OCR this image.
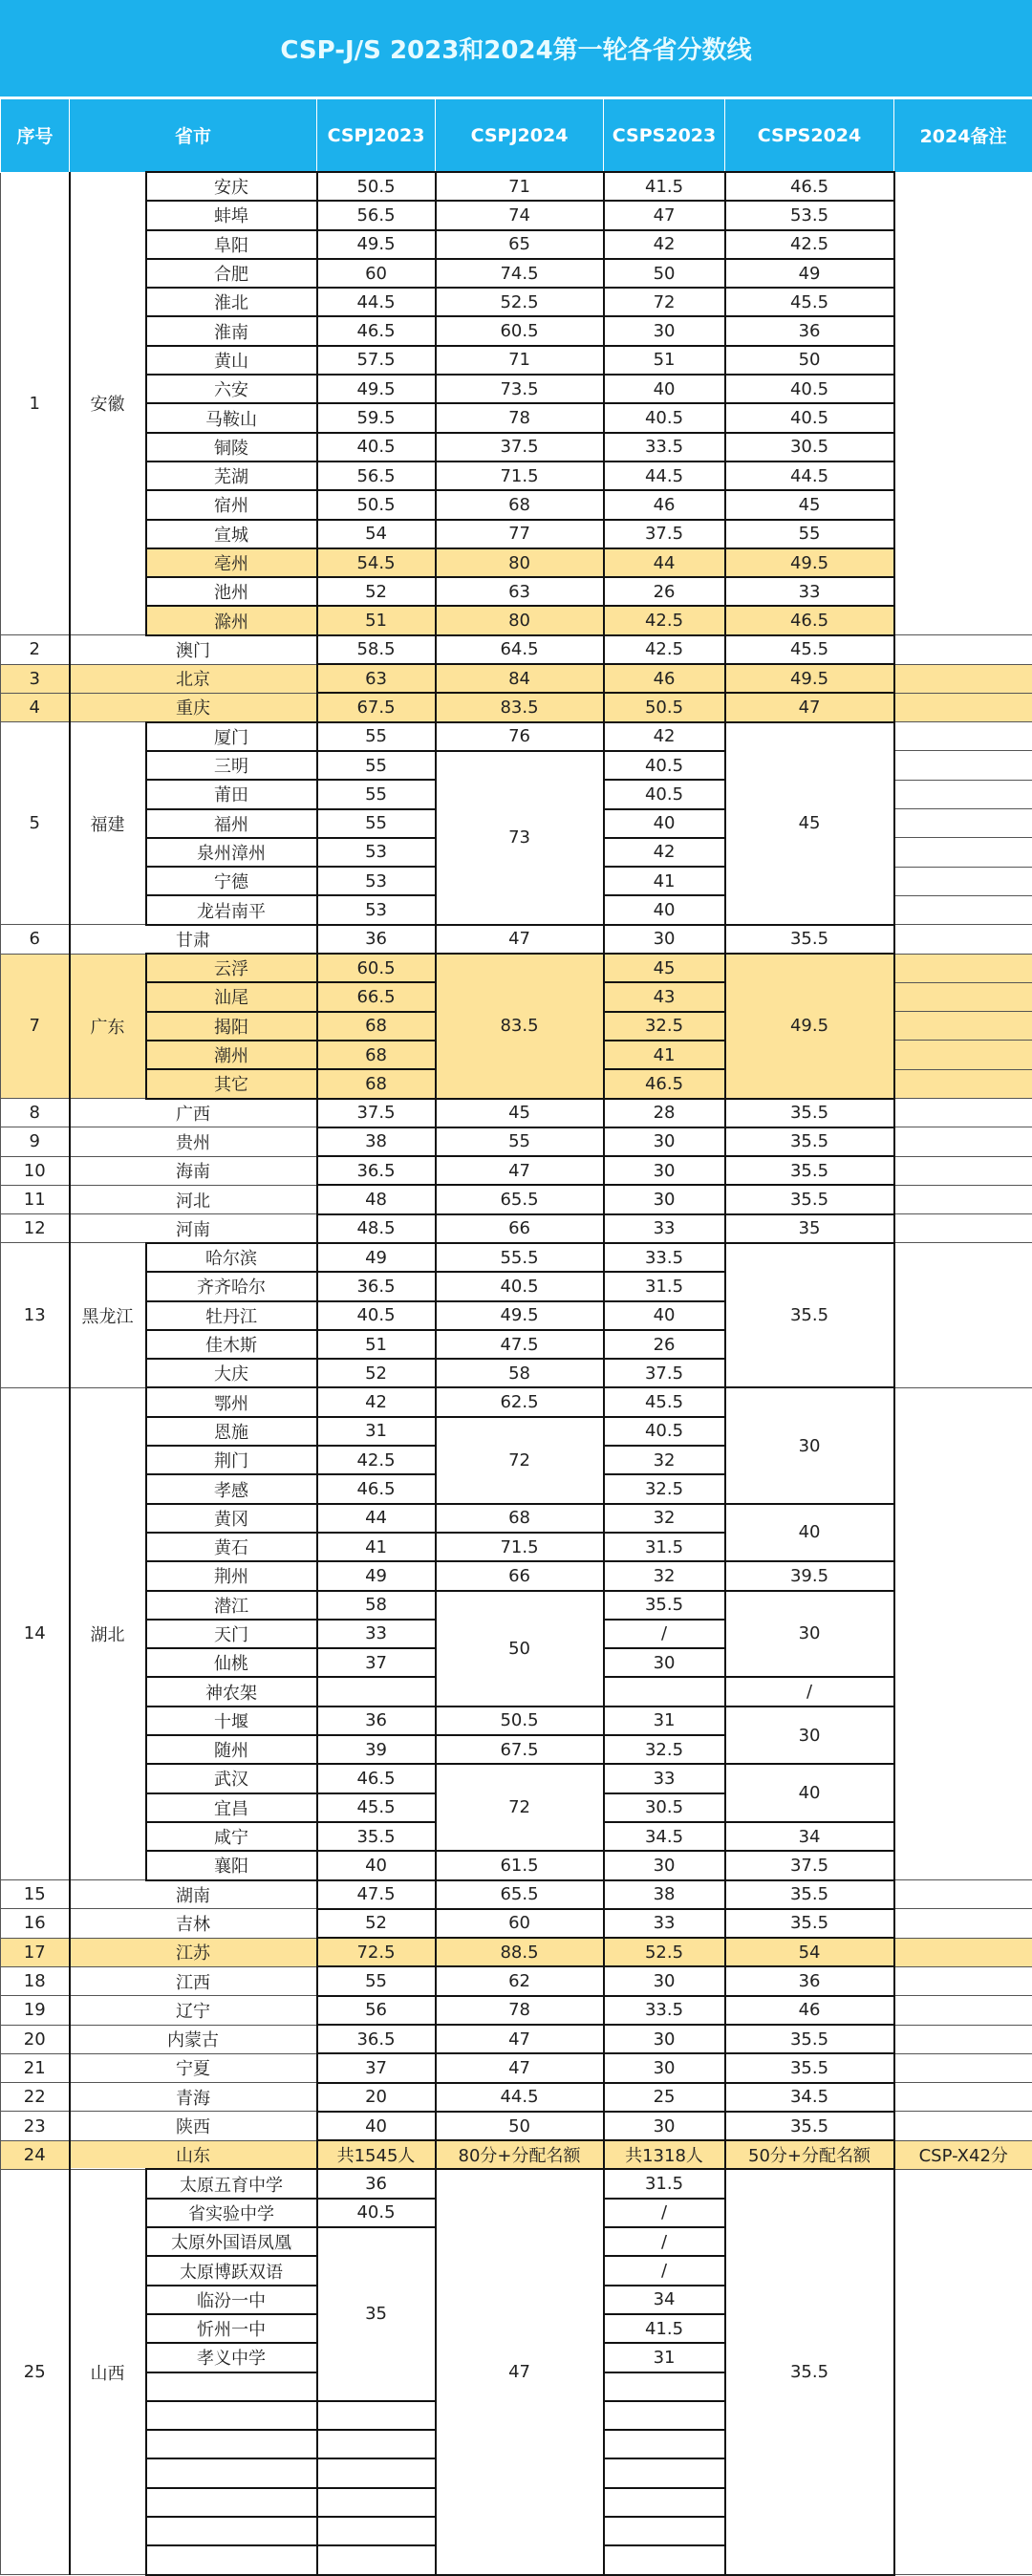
CSP-J/S 2023和2024第一轮各省分数线
序号	省市		CSPJ2023	CSPJ2024	CSPS2023	CSPS2024	2024备注
1	安徽	安庆	50.5	71	41.5	46.5	
		蚌埠	56.5	74	47	53.5	
		阜阳	49.5	65	42	42.5	
		合肥	60	74.5	50	49	
		淮北	44.5	52.5	72	45.5	
		淮南	46.5	60.5	30	36	
		黄山	57.5	71	51	50	
		六安	49.5	73.5	40	40.5	
		马鞍山	59.5	78	40.5	40.5	
		铜陵	40.5	37.5	33.5	30.5	
		芜湖	56.5	71.5	44.5	44.5	
		宿州	50.5	68	46	45	
		宣城	54	77	37.5	55	
		亳州	54.5	80	44	49.5	
		池州	52	63	26	33	
		滁州	51	80	42.5	46.5	
2	澳门		58.5	64.5	42.5	45.5	
3	北京		63	84	46	49.5	
4	重庆		67.5	83.5	50.5	47	
5	福建	厦门	55	76	42	45	
		三明	55	73	40.5		
		莆田	55		40.5		
		福州	55		40		
		泉州漳州	53		42		
		宁德	53		41		
		龙岩南平	53		40		
6	甘肃		36	47	30	35.5	
7	广东	云浮	60.5	83.5	45	49.5	
		汕尾	66.5		43		
		揭阳	68		32.5		
		潮州	68		41		
		其它	68		46.5		
8	广西		37.5	45	28	35.5	
9	贵州		38	55	30	35.5	
10	海南		36.5	47	30	35.5	
11	河北		48	65.5	30	35.5	
12	河南		48.5	66	33	35	
13	黑龙江	哈尔滨	49	55.5	33.5	35.5	
		齐齐哈尔	36.5	40.5	31.5		
		牡丹江	40.5	49.5	40		
		佳木斯	51	47.5	26		
		大庆	52	58	37.5		
14	湖北	鄂州	42	62.5	45.5	30	
		恩施	31	72	40.5		
		荆门	42.5		32		
		孝感	46.5		32.5		
		黄冈	44	68	32	40	
		黄石	41	71.5	31.5		
		荆州	49	66	32	39.5	
		潜江	58	50	35.5	30	
		天门	33		/		
		仙桃	37		30		
		神农架				/	
		十堰	36	50.5	31	30	
		随州	39	67.5	32.5		
		武汉	46.5	72	33	40	
		宜昌	45.5		30.5		
		咸宁	35.5		34.5	34	
		襄阳	40	61.5	30	37.5	
15	湖南		47.5	65.5	38	35.5	
16	吉林		52	60	33	35.5	
17	江苏		72.5	88.5	52.5	54	
18	江西		55	62	30	36	
19	辽宁		56	78	33.5	46	
20	内蒙古		36.5	47	30	35.5	
21	宁夏		37	47	30	35.5	
22	青海		20	44.5	25	34.5	
23	陕西		40	50	30	35.5	
24	山东		共1545人	80分+分配名额	共1318人	50分+分配名额	CSP-X42分
25	山西	太原五育中学	36	47	31.5	35.5	
		省实验中学	40.5		/		
		太原外国语凤凰	35		/		
		太原博跃双语			/		
		临汾一中			34		
		忻州一中			41.5		
		孝义中学			31		
